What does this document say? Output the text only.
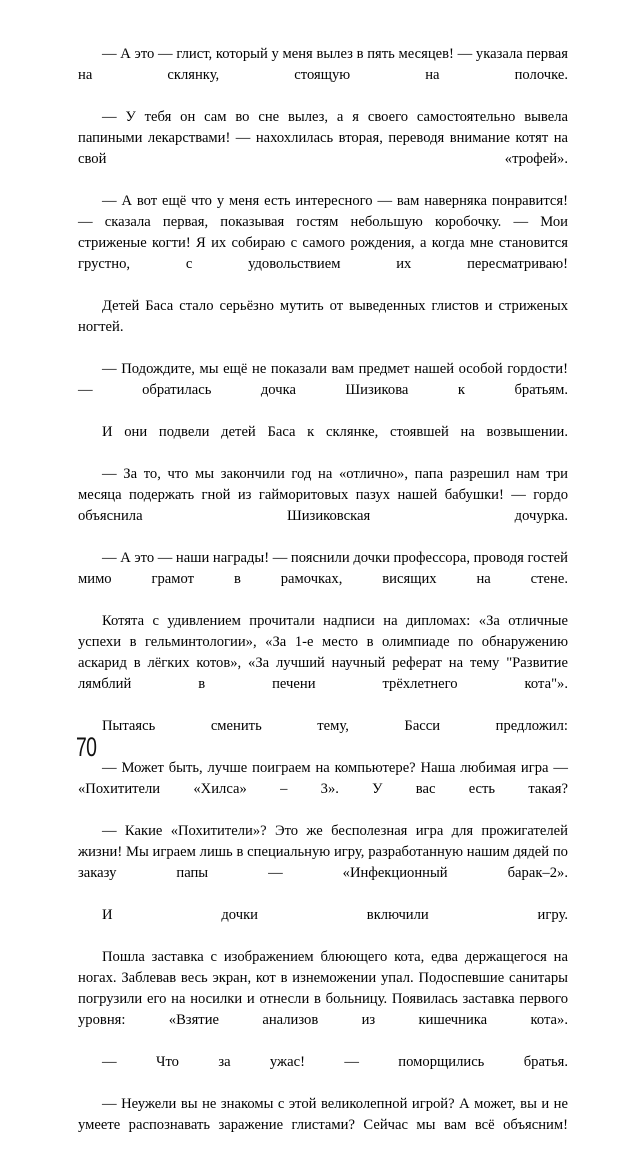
— А это — глист, который у меня вылез в пять месяцев! — указала первая на склянку, стоящую на полочке.

— У тебя он сам во сне вылез, а я своего самостоятельно вывела папиными лекарствами! — нахохлилась вторая, переводя внимание котят на свой «трофей».

— А вот ещё что у меня есть интересного — вам наверняка понравится! — сказала первая, показывая гостям небольшую коробочку. — Мои стриженые когти! Я их собираю с самого рождения, а когда мне становится грустно, с удовольствием их пересматриваю!

Детей Баса стало серьёзно мутить от выведенных глистов и стриженых ногтей.

— Подождите, мы ещё не показали вам предмет нашей особой гордости! — обратилась дочка Шизикова к братьям.

И они подвели детей Баса к склянке, стоявшей на возвышении.

— За то, что мы закончили год на «отлично», папа разрешил нам три месяца подержать гной из гайморитовых пазух нашей бабушки! — гордо объяснила Шизиковская дочурка.

— А это — наши награды! — пояснили дочки профессора, проводя гостей мимо грамот в рамочках, висящих на стене.

Котята с удивлением прочитали надписи на дипломах: «За отличные успехи в гельминтологии», «За 1-е место в олимпиаде по обнаружению аскарид в лёгких котов», «За лучший научный реферат на тему "Развитие лямблий в печени трёхлетнего кота"».

Пытаясь сменить тему, Басси предложил:

— Может быть, лучше поиграем на компьютере? Наша любимая игра — «Похитители «Хилса» – 3». У вас есть такая?

— Какие «Похитители»? Это же бесполезная игра для прожигателей жизни! Мы играем лишь в специальную игру, разработанную нашим дядей по заказу папы — «Инфекционный барак–2».

И дочки включили игру.

Пошла заставка с изображением блюющего кота, едва держащегося на ногах. Заблевав весь экран, кот в изнеможении упал. Подоспевшие санитары погрузили его на носилки и отнесли в больницу. Появилась заставка первого уровня: «Взятие анализов из кишечника кота».

— Что за ужас! — поморщились братья.

— Неужели вы не знакомы с этой великолепной игрой? А может, вы и не умеете распознавать заражение глистами? Сейчас мы вам всё объясним!

70
